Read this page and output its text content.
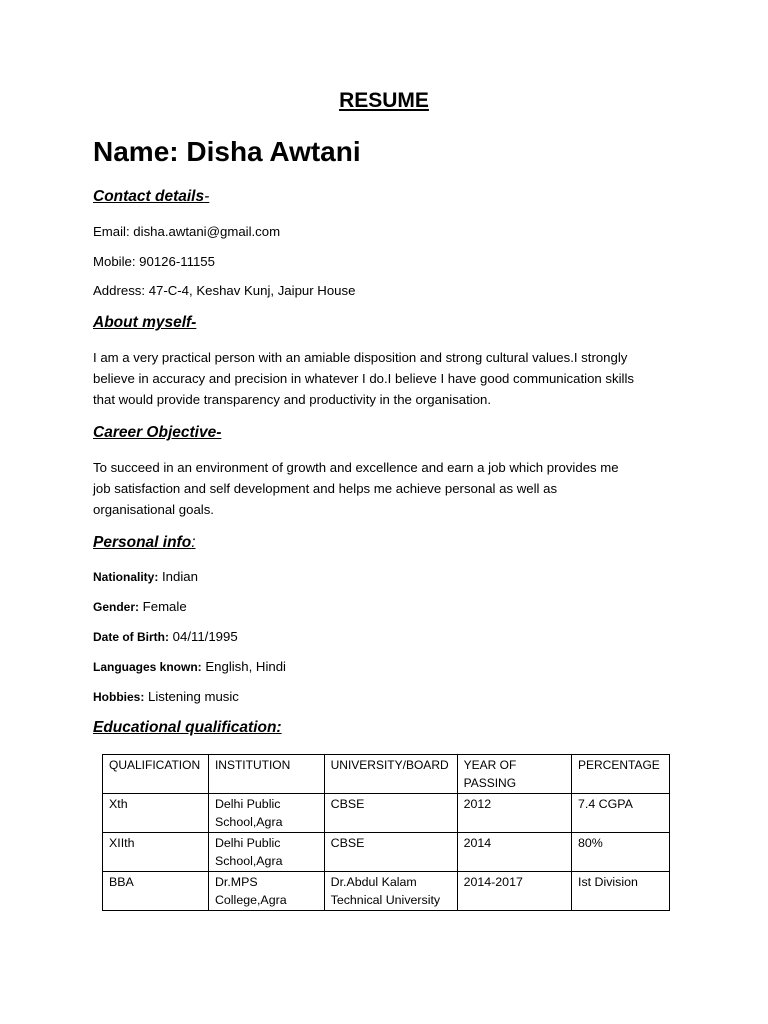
RESUME
Name: Disha Awtani
Contact details-
Email: disha.awtani@gmail.com
Mobile: 90126-11155
Address: 47-C-4, Keshav Kunj, Jaipur House
About myself-
I am a very practical person with an amiable disposition and strong cultural values.I strongly
believe in accuracy and precision in whatever I do.I believe I have good communication skills
that would provide transparency and productivity in the organisation.
Career Objective-
To succeed in an environment of growth and excellence and earn a job which provides me
job satisfaction and self development and helps me achieve personal as well as
organisational goals.
Personal info:
Nationality: Indian
Gender: Female
Date of Birth: 04/11/1995
Languages known: English, Hindi
Hobbies: Listening music
Educational qualification:
QUALIFICATION	INSTITUTION	UNIVERSITY/BOARD	YEAR OF PASSING	PERCENTAGE
Xth	Delhi Public School,Agra	CBSE	2012	7.4 CGPA
XIIth	Delhi Public School,Agra	CBSE	2014	80%
BBA	Dr.MPS College,Agra	Dr.Abdul Kalam Technical University	2014-2017	Ist Division
